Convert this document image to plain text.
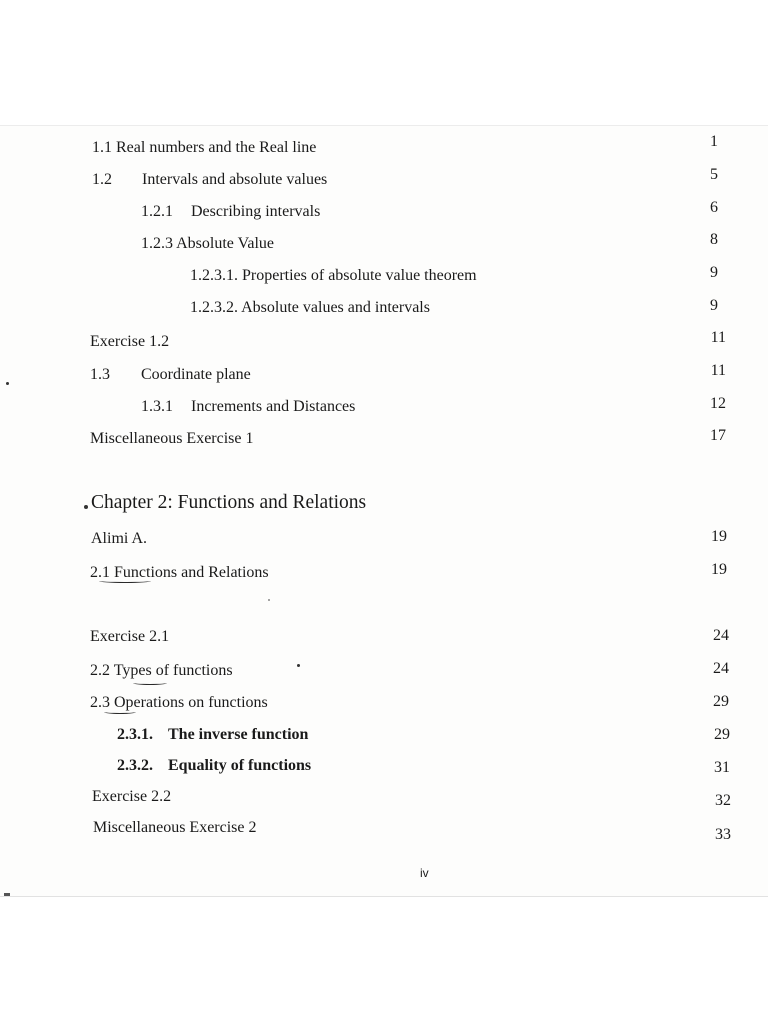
1.1 Real numbers and the Real line	1
1.2 Intervals and absolute values	5
1.2.1 Describing intervals	6
1.2.3 Absolute Value	8
1.2.3.1. Properties of absolute value theorem	9
1.2.3.2. Absolute values and intervals	9
Exercise 1.2	11
1.3 Coordinate plane	11
1.3.1 Increments and Distances	12
Miscellaneous Exercise 1	17
Chapter 2: Functions and Relations
Alimi A.	19
2.1 Functions and Relations	19
Exercise 2.1	24
2.2 Types of functions	24
2.3 Operations on functions	29
2.3.1. The inverse function	29
2.3.2. Equality of functions	31
Exercise 2.2	32
Miscellaneous Exercise 2	33
iv
